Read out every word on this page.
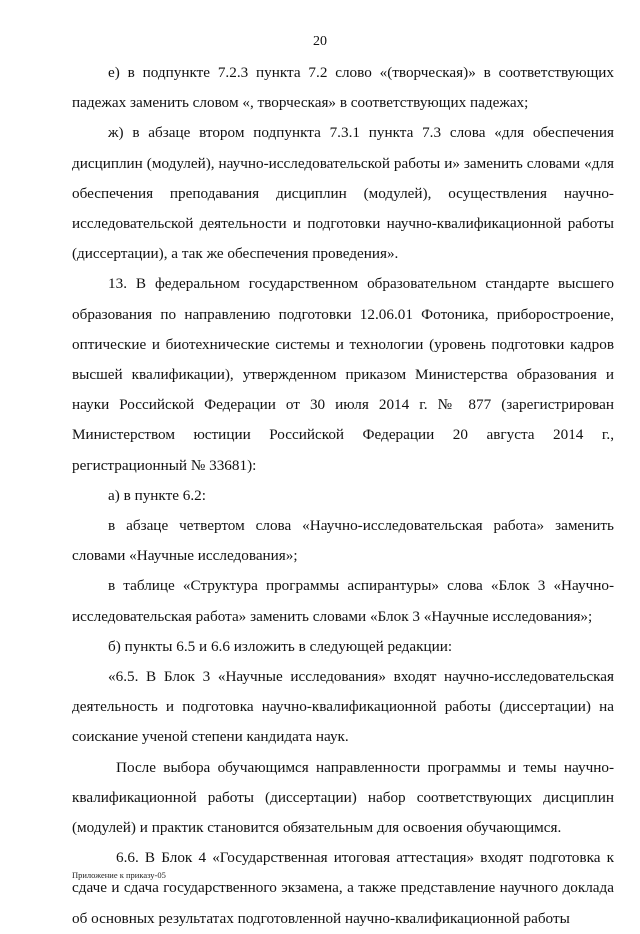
20

е) в подпункте 7.2.3 пункта 7.2 слово «(творческая)» в соответствующих падежах заменить словом «, творческая» в соответствующих падежах;

ж) в абзаце втором подпункта 7.3.1 пункта 7.3 слова «для обеспечения дисциплин (модулей), научно-исследовательской работы и» заменить словами «для обеспечения преподавания дисциплин (модулей), осуществления научно-исследовательской деятельности и подготовки научно-квалификационной работы (диссертации), а так же обеспечения проведения».

13. В федеральном государственном образовательном стандарте высшего образования по направлению подготовки 12.06.01 Фотоника, приборостроение, оптические и биотехнические системы и технологии (уровень подготовки кадров высшей квалификации), утвержденном приказом Министерства образования и науки Российской Федерации от 30 июля 2014 г. № 877 (зарегистрирован Министерством юстиции Российской Федерации 20 августа 2014 г., регистрационный № 33681):

а) в пункте 6.2:

в абзаце четвертом слова «Научно-исследовательская работа» заменить словами «Научные исследования»;

в таблице «Структура программы аспирантуры» слова «Блок 3 «Научно-исследовательская работа» заменить словами «Блок 3 «Научные исследования»;

б) пункты 6.5 и 6.6 изложить в следующей редакции:

«6.5. В Блок 3 «Научные исследования» входят научно-исследовательская деятельность и подготовка научно-квалификационной работы (диссертации) на соискание ученой степени кандидата наук.

После выбора обучающимся направленности программы и темы научно-квалификационной работы (диссертации) набор соответствующих дисциплин (модулей) и практик становится обязательным для освоения обучающимся.

6.6. В Блок 4 «Государственная итоговая аттестация» входят подготовка к сдаче и сдача государственного экзамена, а также представление научного доклада об основных результатах подготовленной научно-квалификационной работы

Приложение к приказу-05
